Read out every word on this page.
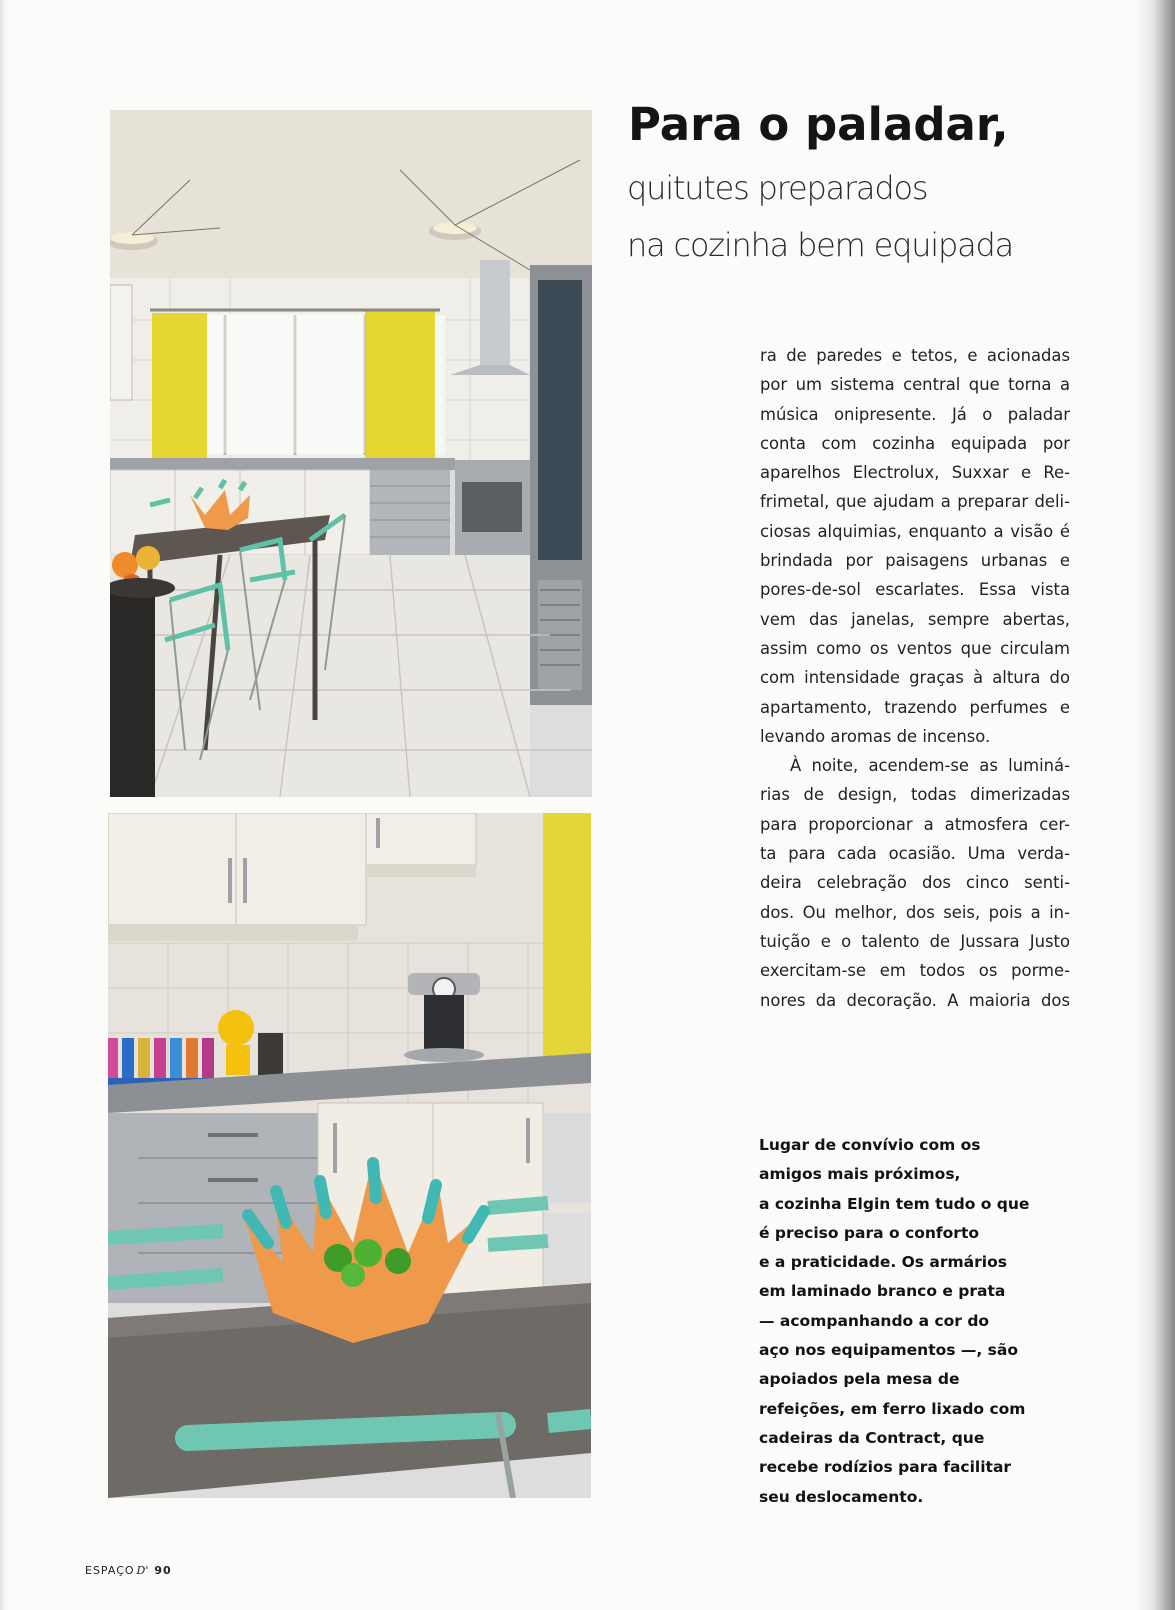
Para o paladar,
quitutes preparados
na cozinha bem equipada
ra de paredes e tetos, e acionadas
por um sistema central que torna a
música onipresente. Já o paladar
conta com cozinha equipada por
aparelhos Electrolux, Suxxar e Re-
frimetal, que ajudam a preparar deli-
ciosas alquimias, enquanto a visão é
brindada por paisagens urbanas e
pores-de-sol escarlates. Essa vista
vem das janelas, sempre abertas,
assim como os ventos que circulam
com intensidade graças à altura do
apartamento, trazendo perfumes e
levando aromas de incenso.
À noite, acendem-se as luminá-
rias de design, todas dimerizadas
para proporcionar a atmosfera cer-
ta para cada ocasião. Uma verda-
deira celebração dos cinco senti-
dos. Ou melhor, dos seis, pois a in-
tuição e o talento de Jussara Justo
exercitam-se em todos os porme-
nores da decoração. A maioria dos
Lugar de convívio com os
amigos mais próximos,
a cozinha Elgin tem tudo o que
é preciso para o conforto
e a praticidade. Os armários
em laminado branco e prata
— acompanhando a cor do
aço nos equipamentos —, são
apoiados pela mesa de
refeições, em ferro lixado com
cadeiras da Contract, que
recebe rodízios para facilitar
seu deslocamento.
ESPAÇO D' 90
